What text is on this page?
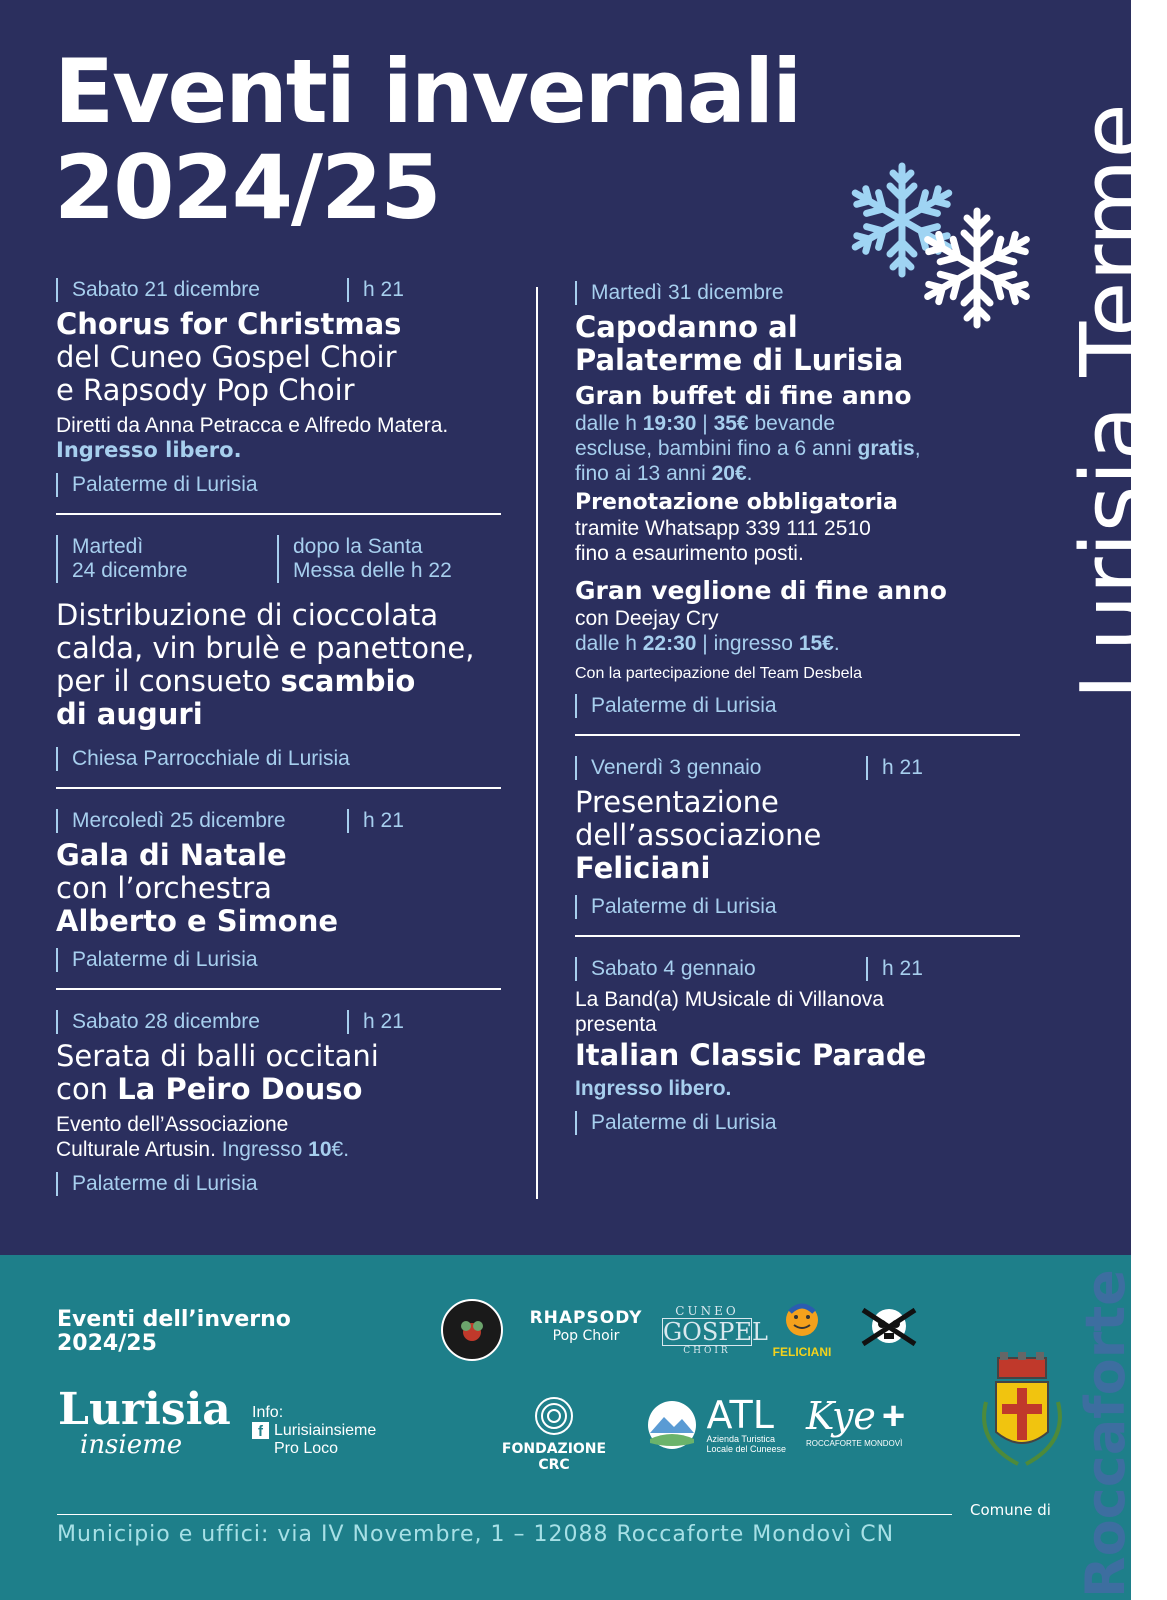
Eventi invernali
2024/25	Lurisia Terme
Sabato 21 dicembre	h 21
Chorus for Christmas
del Cuneo Gospel Choir
e Rapsody Pop Choir
Diretti da Anna Petracca e Alfredo Matera. Ingresso libero.
Palaterme di Lurisia
Martedì
24 dicembre
dopo la Santa
Messa delle h 22
Distribuzione di cioccolata
calda, vin brulè e panettone,
per il consueto scambio
di auguri
Chiesa Parrocchiale di Lurisia
Mercoledì 25 dicembre	h 21
Gala di Natale
con l’orchestra
Alberto e Simone
Palaterme di Lurisia
Sabato 28 dicembre	h 21
Serata di balli occitani
con La Peiro Douso
Evento dell’Associazione
Culturale Artusin. Ingresso 10€.
Palaterme di Lurisia
Martedì 31 dicembre
Capodanno al
Palaterme di Lurisia
Gran buffet di fine anno
dalle h 19:30 | 35€ bevande
escluse, bambini fino a 6 anni gratis,
fino ai 13 anni 20€.
Prenotazione obbligatoria
tramite Whatsapp 339 111 2510
fino a esaurimento posti.
Gran veglione di fine anno
con Deejay Cry
dalle h 22:30 | ingresso 15€.
Con la partecipazione del Team Desbela
Palaterme di Lurisia
Venerdì 3 gennaio	h 21
Presentazione
dell’associazione
Feliciani
Palaterme di Lurisia
Sabato 4 gennaio	h 21
La Band(a) MUsicale di Villanova
presenta
Italian Classic Parade
Ingresso libero.
Palaterme di Lurisia
Roccaforte
Eventi dell’inverno
2024/25
Lurisia
insieme
Info:
f Lurisiainsieme
Pro Loco
RHAPSODY
Pop Choir
CUNEO
GOSPEL
CHOIR	FELICIANI
FONDAZIONE CRC

ATL
Azienda Turistica
Locale del Cuneese
Kye +
ROCCAFORTE MONDOVÌ
Comune di
Municipio e uffici: via IV Novembre, 1 – 12088 Roccaforte Mondovì CN
